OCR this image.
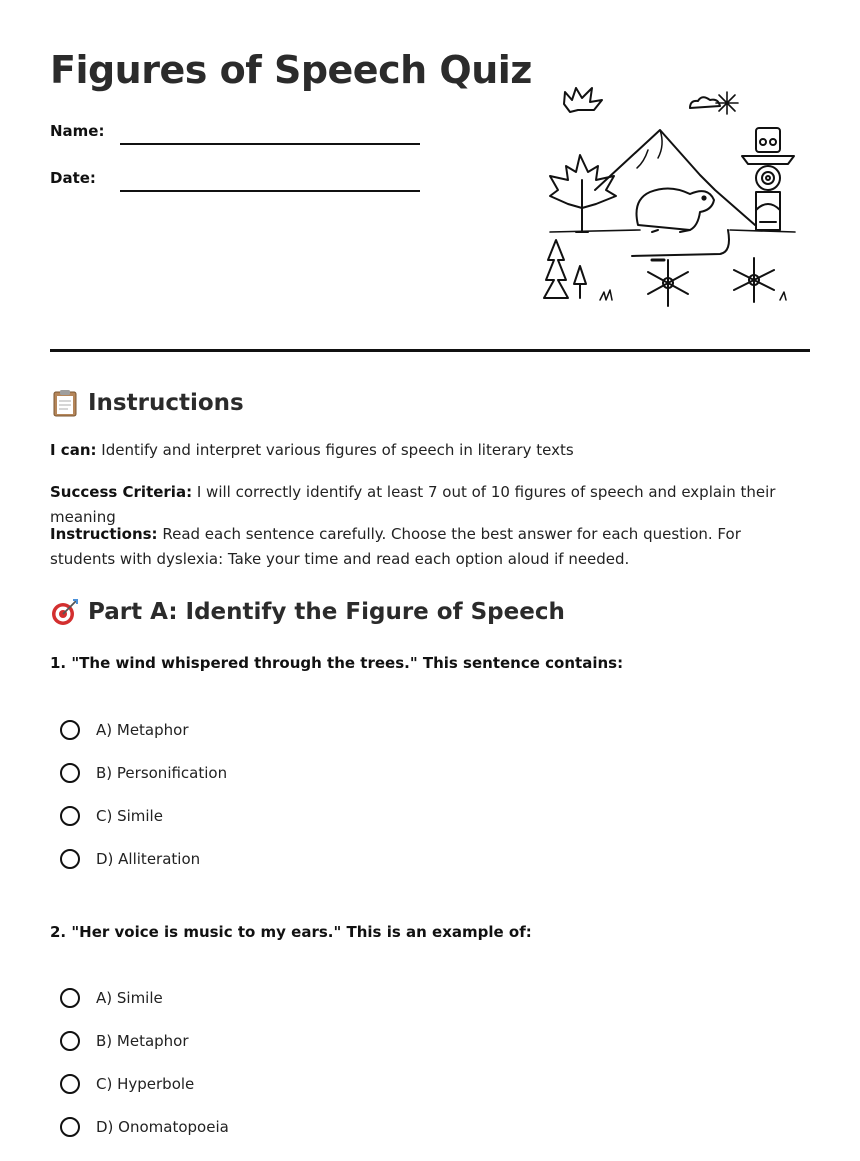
Figures of Speech Quiz
Name:
Date:
Instructions

I can: Identify and interpret various figures of speech in literary texts

Success Criteria: I will correctly identify at least 7 out of 10 figures of speech and explain their meaning

Instructions: Read each sentence carefully. Choose the best answer for each question. For students with dyslexia: Take your time and read each option aloud if needed.

Part A: Identify the Figure of Speech

1. "The wind whispered through the trees." This sentence contains:

A) Metaphor
B) Personification
C) Simile
D) Alliteration

2. "Her voice is music to my ears." This is an example of:

A) Simile
B) Metaphor
C) Hyperbole
D) Onomatopoeia
